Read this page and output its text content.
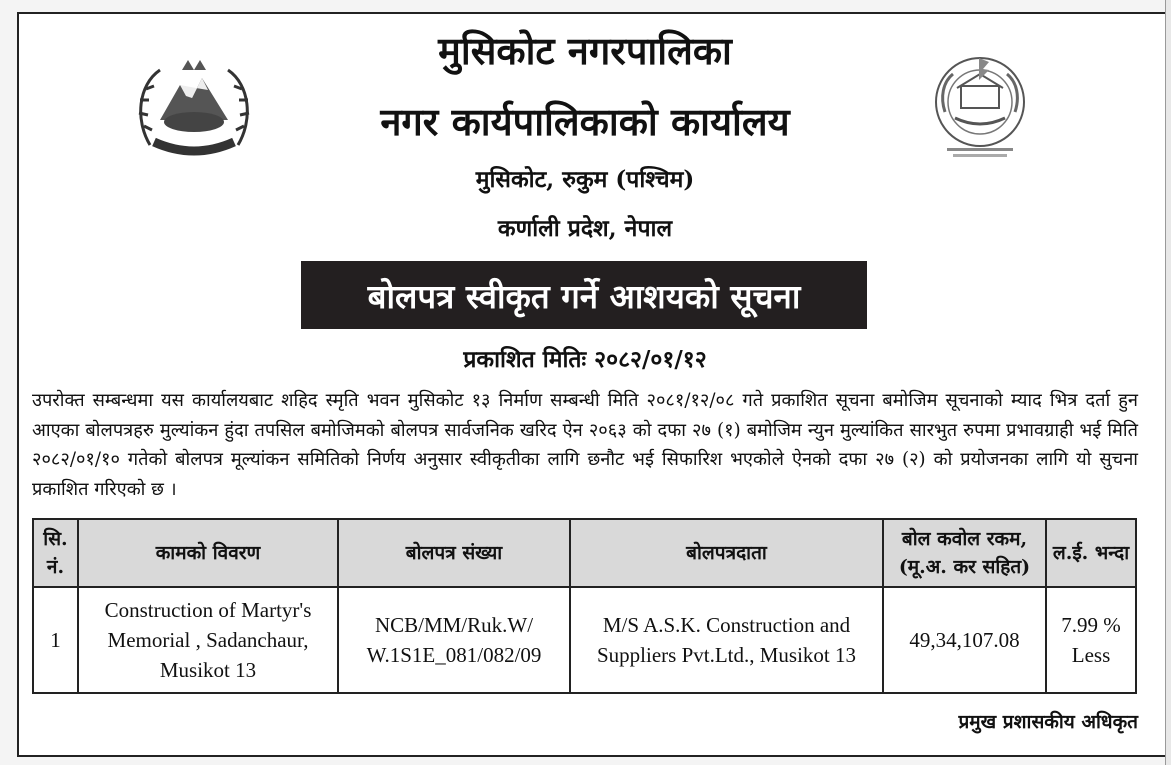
मुसिकोट नगरपालिका
नगर कार्यपालिकाको कार्यालय
मुसिकोट, रुकुम (पश्चिम)
कर्णाली प्रदेश, नेपाल
बोलपत्र स्वीकृत गर्ने आशयको सूचना
प्रकाशित मितिः २०८२/०१/१२

उपरोक्त सम्बन्धमा यस कार्यालयबाट शहिद स्मृति भवन मुसिकोट १३ निर्माण सम्बन्धी मिति २०८१/१२/०८ गते प्रकाशित सूचना बमोजिम सूचनाको म्याद भित्र दर्ता हुन आएका बोलपत्रहरु मुल्यांकन हुंदा तपसिल बमोजिमको बोलपत्र सार्वजनिक खरिद ऐन २०६३ को दफा २७ (१) बमोजिम न्युन मुल्यांकित सारभुत रुपमा प्रभावग्राही भई मिति २०८२/०१/१० गतेको बोलपत्र मूल्यांकन समितिको निर्णय अनुसार स्वीकृतीका लागि छनौट भई सिफारिश भएकोले ऐनको दफा २७ (२) को प्रयोजनका लागि यो सुचना प्रकाशित गरिएको छ ।

सि. नं.	कामको विवरण	बोलपत्र संख्या	बोलपत्रदाता	बोल कवोल रकम, (मू.अ. कर सहित)	ल.ई. भन्दा
1	Construction of Martyr's Memorial , Sadanchaur, Musikot 13	NCB/MM/Ruk.W/ W.1S1E_081/082/09	M/S A.S.K. Construction and Suppliers Pvt.Ltd., Musikot 13	49,34,107.08	7.99 % Less
प्रमुख प्रशासकीय अधिकृत
